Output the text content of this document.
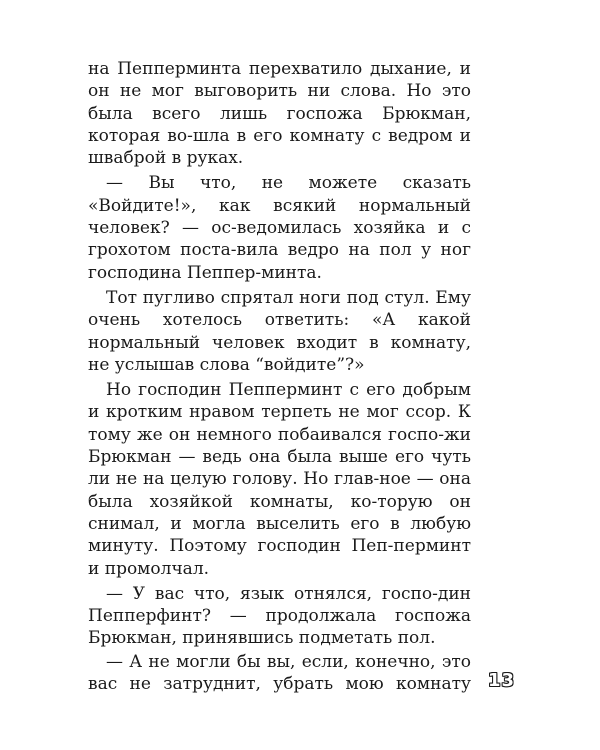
на Пепперминта перехватило дыхание, и он не мог выговорить ни слова. Но это была всего лишь госпожа Брюкман, которая во-шла в его комнату с ведром и шваброй в руках.

— Вы что, не можете сказать «Войдите!», как всякий нормальный человек? — ос-ведомилась хозяйка и с грохотом поста-вила ведро на пол у ног господина Пеппер-минта.

Тот пугливо спрятал ноги под стул. Ему очень хотелось ответить: «А какой нормальный человек входит в комнату, не услышав слова “войдите”?»

Но господин Пепперминт с его добрым и кротким нравом терпеть не мог ссор. К тому же он немного побаивался госпо-жи Брюкман — ведь она была выше его чуть ли не на целую голову. Но глав-ное — она была хозяйкой комнаты, ко-торую он снимал, и могла выселить его в любую минуту. Поэтому господин Пеп-перминт и промолчал.

— У вас что, язык отнялся, госпо-дин Пепперфинт? — продолжала госпожа Брюкман, принявшись подметать пол.

— А не могли бы вы, если, конечно, это вас не затруднит, убрать мою комнату 13
